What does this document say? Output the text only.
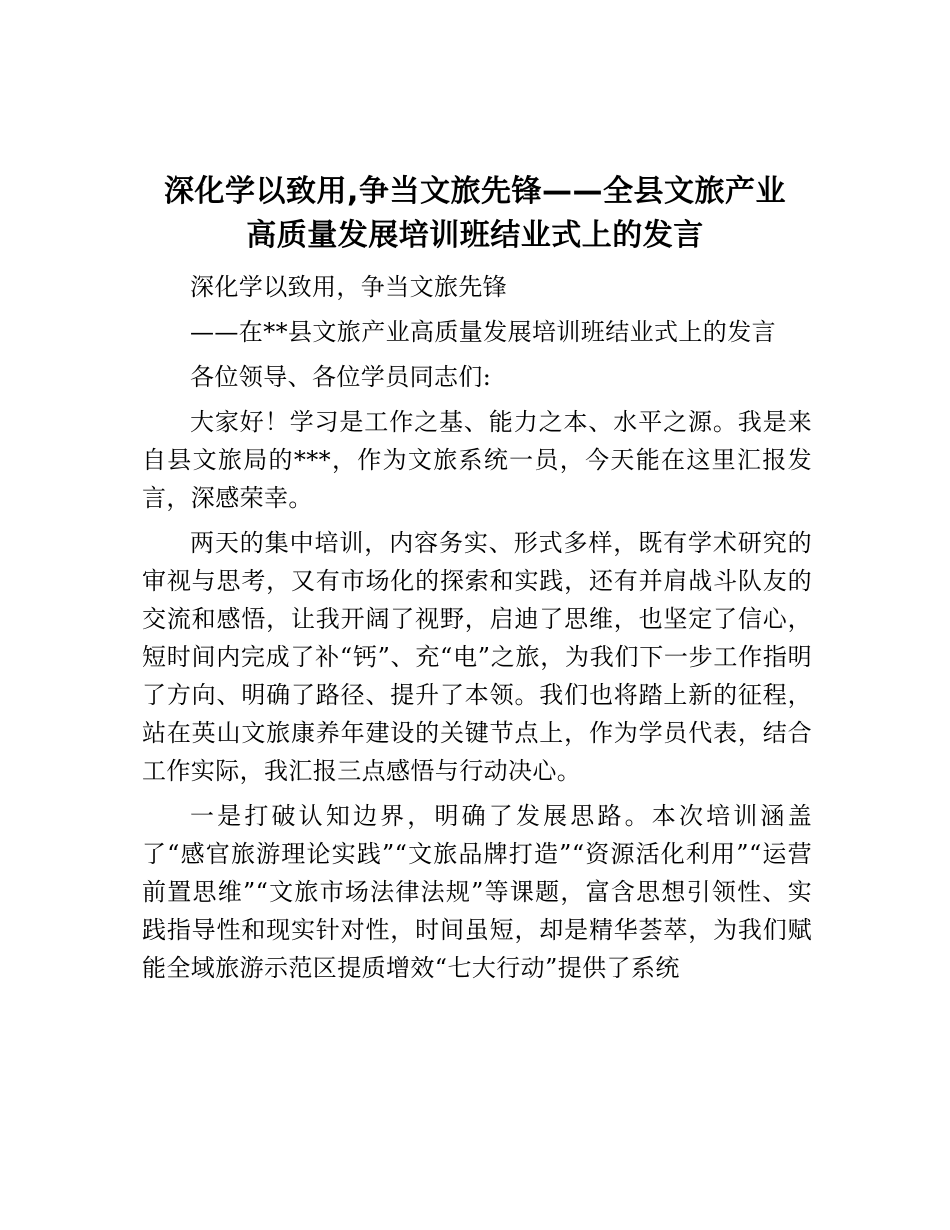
深化学以致用,争当文旅先锋——全县文旅产业
高质量发展培训班结业式上的发言

深化学以致用，争当文旅先锋

——在**县文旅产业高质量发展培训班结业式上的发言

各位领导、各位学员同志们:

大家好！学习是工作之基、能力之本、水平之源。我是来自县文旅局的***，作为文旅系统一员，今天能在这里汇报发言，深感荣幸。

两天的集中培训，内容务实、形式多样，既有学术研究的审视与思考，又有市场化的探索和实践，还有并肩战斗队友的交流和感悟，让我开阔了视野，启迪了思维，也坚定了信心，短时间内完成了补“钙”、充“电”之旅，为我们下一步工作指明了方向、明确了路径、提升了本领。我们也将踏上新的征程，站在英山文旅康养年建设的关键节点上，作为学员代表，结合工作实际，我汇报三点感悟与行动决心。

一是打破认知边界，明确了发展思路。本次培训涵盖了“感官旅游理论实践”“文旅品牌打造”“资源活化利用”“运营前置思维”“文旅市场法律法规”等课题，富含思想引领性、实践指导性和现实针对性，时间虽短，却是精华荟萃，为我们赋能全域旅游示范区提质增效“七大行动”提供了系统
